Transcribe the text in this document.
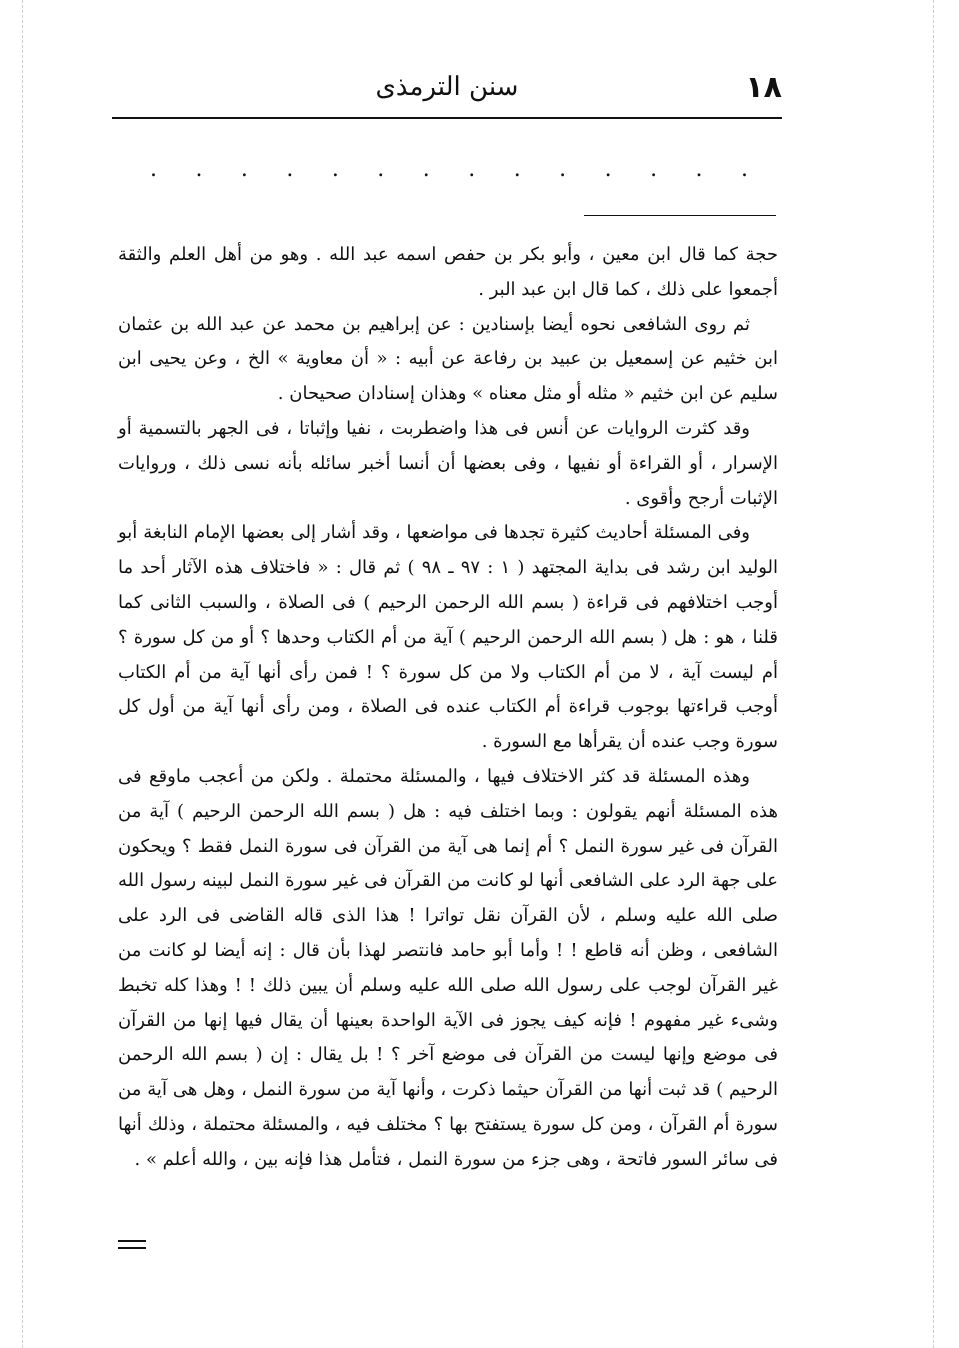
١٨
سنن الترمذى
. . . . . . . . . . . . . .

حجة كما قال ابن معين ، وأبو بكر بن حفص اسمه عبد الله . وهو من أهل العلم والثقة أجمعوا على ذلك ، كما قال ابن عبد البر .

ثم روى الشافعى نحوه أيضا بإسنادين : عن إبراهيم بن محمد عن عبد الله بن عثمان ابن خثيم عن إسمعيل بن عبيد بن رفاعة عن أبيه : « أن معاوية » الخ ، وعن يحيى ابن سليم عن ابن خثيم « مثله أو مثل معناه » وهذان إسنادان صحيحان .

وقد كثرت الروايات عن أنس فى هذا واضطربت ، نفيا وإثباتا ، فى الجهر بالتسمية أو الإسرار ، أو القراءة أو نفيها ، وفى بعضها أن أنسا أخبر سائله بأنه نسى ذلك ، وروايات الإثبات أرجح وأقوى .

وفى المسئلة أحاديث كثيرة تجدها فى مواضعها ، وقد أشار إلى بعضها الإمام النابغة أبو الوليد ابن رشد فى بداية المجتهد ( ١ : ٩٧ ـ ٩٨ ) ثم قال : « فاختلاف هذه الآثار أحد ما أوجب اختلافهم فى قراءة ( بسم الله الرحمن الرحيم ) فى الصلاة ، والسبب الثانى كما قلنا ، هو : هل ( بسم الله الرحمن الرحيم ) آية من أم الكتاب وحدها ؟ أو من كل سورة ؟ أم ليست آية ، لا من أم الكتاب ولا من كل سورة ؟ ! فمن رأى أنها آية من أم الكتاب أوجب قراءتها بوجوب قراءة أم الكتاب عنده فى الصلاة ، ومن رأى أنها آية من أول كل سورة وجب عنده أن يقرأها مع السورة .

وهذه المسئلة قد كثر الاختلاف فيها ، والمسئلة محتملة . ولكن من أعجب ماوقع فى هذه المسئلة أنهم يقولون : وبما اختلف فيه : هل ( بسم الله الرحمن الرحيم ) آية من القرآن فى غير سورة النمل ؟ أم إنما هى آية من القرآن فى سورة النمل فقط ؟ ويحكون على جهة الرد على الشافعى أنها لو كانت من القرآن فى غير سورة النمل لبينه رسول الله صلى الله عليه وسلم ، لأن القرآن نقل تواترا ! هذا الذى قاله القاضى فى الرد على الشافعى ، وظن أنه قاطع ! ! وأما أبو حامد فانتصر لهذا بأن قال : إنه أيضا لو كانت من غير القرآن لوجب على رسول الله صلى الله عليه وسلم أن يبين ذلك ! ! وهذا كله تخبط وشىء غير مفهوم ! فإنه كيف يجوز فى الآية الواحدة بعينها أن يقال فيها إنها من القرآن فى موضع وإنها ليست من القرآن فى موضع آخر ؟ ! بل يقال : إن ( بسم الله الرحمن الرحيم ) قد ثبت أنها من القرآن حيثما ذكرت ، وأنها آية من سورة النمل ، وهل هى آية من سورة أم القرآن ، ومن كل سورة يستفتح بها ؟ مختلف فيه ، والمسئلة محتملة ، وذلك أنها فى سائر السور فاتحة ، وهى جزء من سورة النمل ، فتأمل هذا فإنه بين ، والله أعلم » .
